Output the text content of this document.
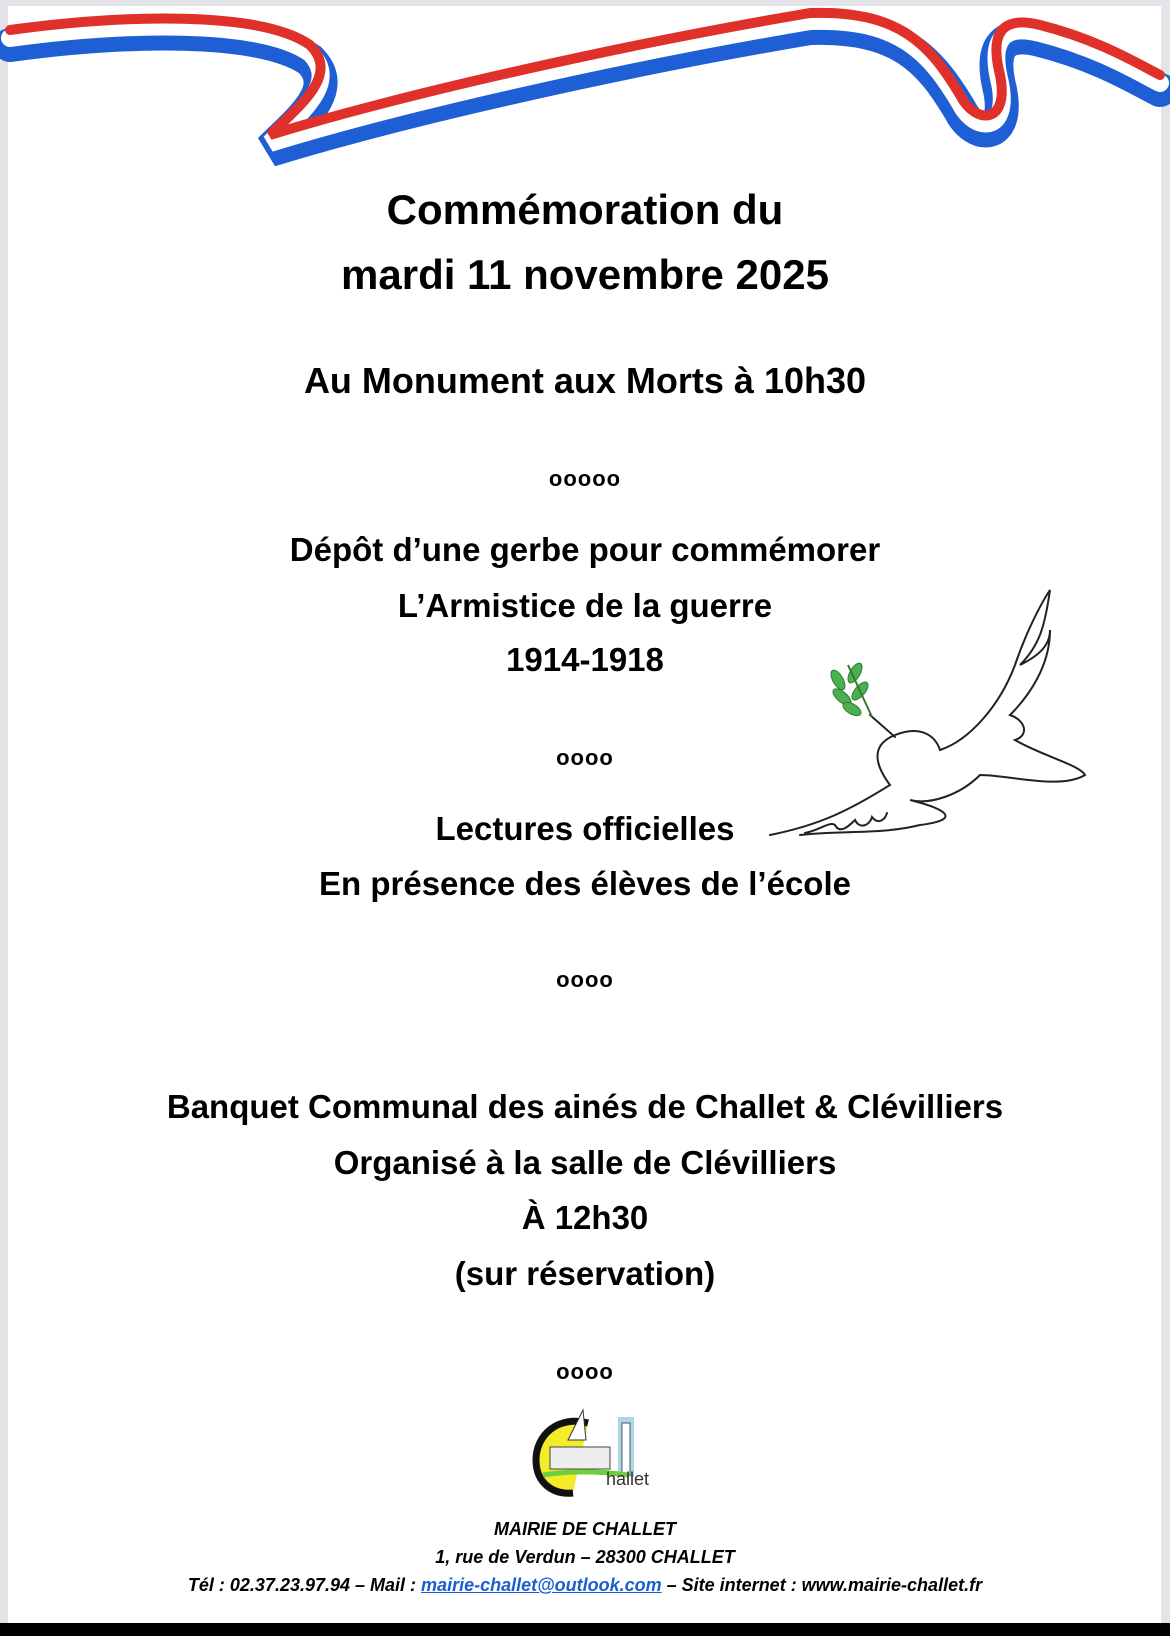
Commémoration du
mardi 11 novembre 2025
Au Monument aux Morts à 10h30
ooooo
Dépôt d’une gerbe pour commémorer
L’Armistice de la guerre
1914-1918
oooo
Lectures officielles
En présence des élèves de l’école
oooo
Banquet Communal des ainés de Challet & Clévilliers
Organisé à la salle de Clévilliers
À 12h30
(sur réservation)
oooo
hallet
MAIRIE DE CHALLET
1, rue de Verdun – 28300 CHALLET
Tél : 02.37.23.97.94 – Mail : mairie-challet@outlook.com – Site internet : www.mairie-challet.fr
